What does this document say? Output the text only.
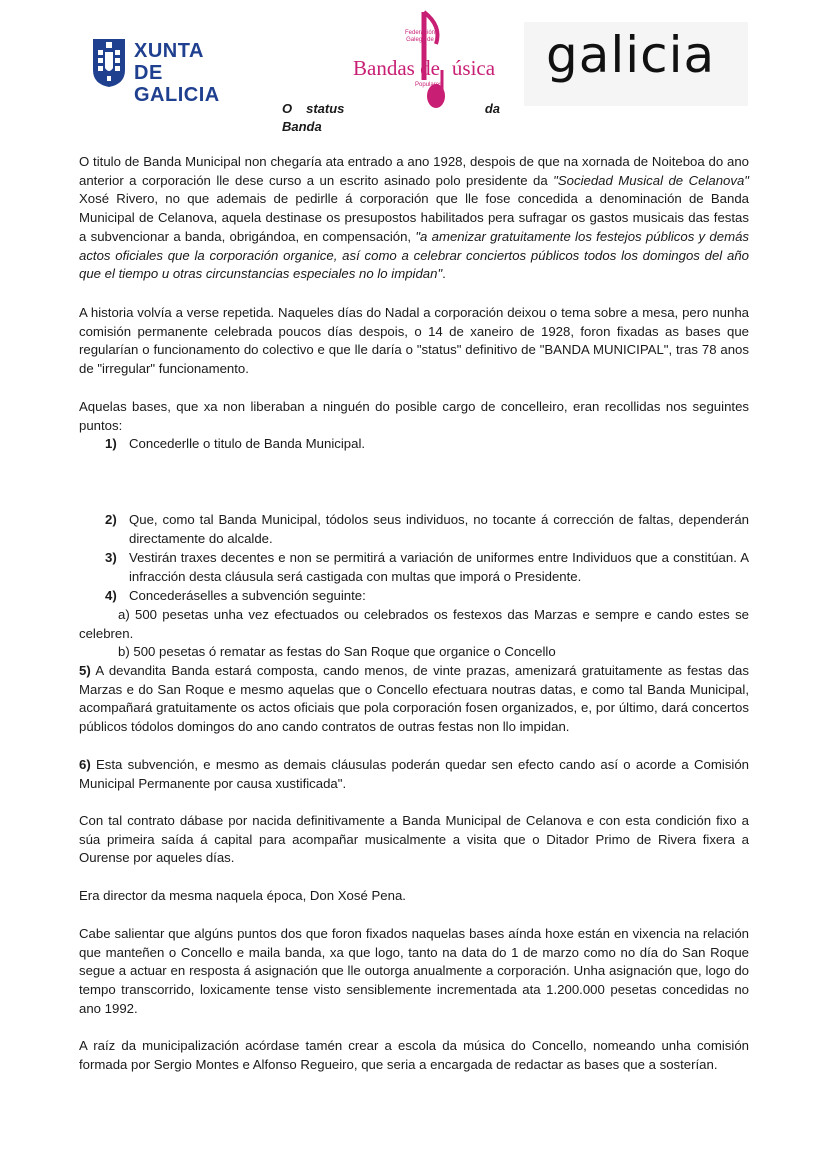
XUNTA
DE GALICIA
Federación
Galega de
Bandas de úsica
Populares
galicia
O status	da
Banda

O titulo de Banda Municipal non chegaría ata entrado a ano 1928, despois de que na xornada de Noiteboa do ano anterior a corporación lle dese curso a un escrito asinado polo presidente da "Sociedad Musical de Celanova" Xosé Rivero, no que ademais de pedirlle á corporación que lle fose concedida a denominación de Banda Municipal de Celanova, aquela destinase os presupostos habilitados pera sufragar os gastos musicais das festas a subvencionar a banda, obrigándoa, en compensación, "a amenizar gratuitamente los festejos públicos y demás actos oficiales que la corporación organice, así como a celebrar conciertos públicos todos los domingos del año que el tiempo u otras circunstancias especiales no lo impidan".

A historia volvía a verse repetida. Naqueles días do Nadal a corporación deixou o tema sobre a mesa, pero nunha comisión permanente celebrada poucos días despois, o 14 de xaneiro de 1928, foron fixadas as bases que regularían o funcionamento do colectivo e que lle daría o "status" definitivo de "BANDA MUNICIPAL", tras 78 anos de "irregular" funcionamento.

Aquelas bases, que xa non liberaban a ninguén do posible cargo de concelleiro, eran recollidas nos seguintes puntos:

1) Concederlle o titulo de Banda Municipal.
2) Que, como tal Banda Municipal, tódolos seus individuos, no tocante á corrección de faltas, dependerán directamente do alcalde.
3) Vestirán traxes decentes e non se permitirá a variación de uniformes entre Individuos que a constitúan. A infracción desta cláusula será castigada con multas que imporá o Presidente.
4) Concederáselles a subvención seguinte:

a) 500 pesetas unha vez efectuados ou celebrados os festexos das Marzas e sempre e cando estes se celebren.

b) 500 pesetas ó rematar as festas do San Roque que organice o Concello

5) A devandita Banda estará composta, cando menos, de vinte prazas, amenizará gratuitamente as festas das Marzas e do San Roque e mesmo aquelas que o Concello efectuara noutras datas, e como tal Banda Municipal, acompañará gratuitamente os actos oficiais que pola corporación fosen organizados, e, por último, dará concertos públicos tódolos domingos do ano cando contratos de outras festas non llo impidan.

6) Esta subvención, e mesmo as demais cláusulas poderán quedar sen efecto cando así o acorde a Comisión Municipal Permanente por causa xustificada".

Con tal contrato dábase por nacida definitivamente a Banda Municipal de Celanova e con esta condición fixo a súa primeira saída á capital para acompañar musicalmente a visita que o Ditador Primo de Rivera fixera a Ourense por aqueles días.

Era director da mesma naquela época, Don Xosé Pena.

Cabe salientar que algúns puntos dos que foron fixados naquelas bases aínda hoxe están en vixencia na relación que manteñen o Concello e maila banda, xa que logo, tanto na data do 1 de marzo como no día do San Roque segue a actuar en resposta á asignación que lle outorga anualmente a corporación. Unha asignación que, logo do tempo transcorrido, loxicamente tense visto sensiblemente incrementada ata 1.200.000 pesetas concedidas no ano 1992.

A raíz da municipalización acórdase tamén crear a escola da música do Concello, nomeando unha comisión formada por Sergio Montes e Alfonso Regueiro, que seria a encargada de redactar as bases que a sosterían.
